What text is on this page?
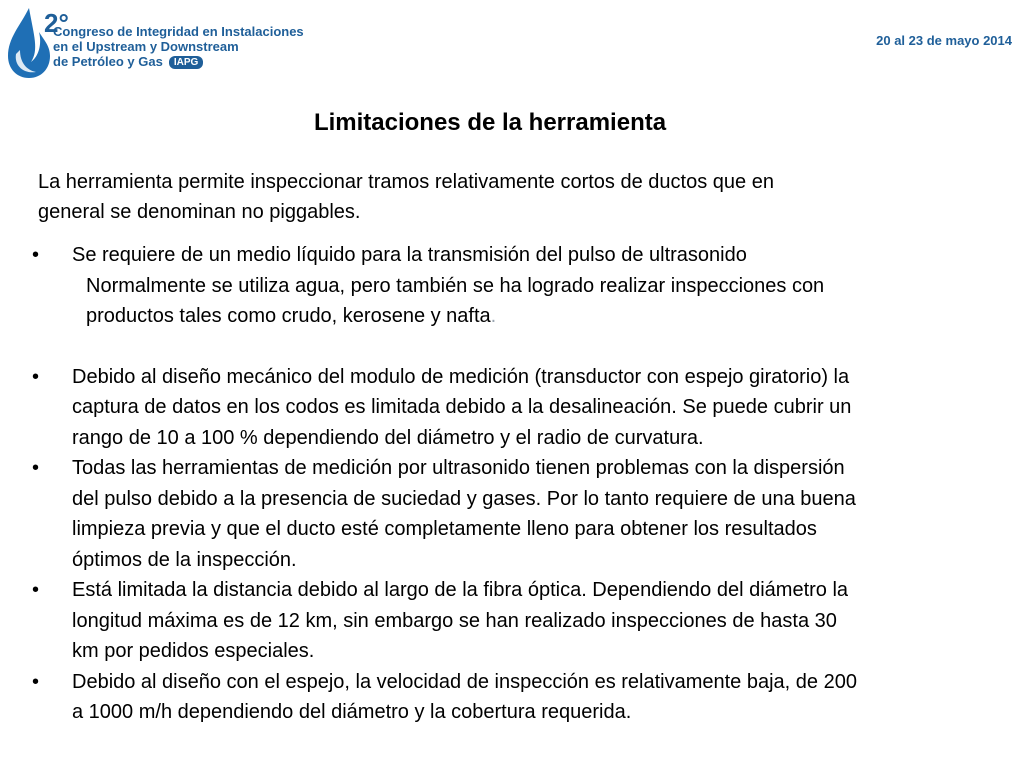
2°
Congreso de Integridad en Instalaciones
en el Upstream y Downstream
de Petróleo y Gas IAPG
20 al 23 de mayo 2014
Limitaciones de la herramienta
La herramienta permite inspeccionar tramos relativamente cortos de ductos que en
general se denominan no piggables.
• Se requiere de un medio líquido para la transmisión del pulso de ultrasonido
Normalmente se utiliza agua, pero también se ha logrado realizar inspecciones con
productos tales como crudo, kerosene y nafta.
• Debido al diseño mecánico del modulo de medición (transductor con espejo giratorio) la
captura de datos en los codos es limitada debido a la desalineación. Se puede cubrir un
rango de 10 a 100 % dependiendo del diámetro y el radio de curvatura.
• Todas las herramientas de medición por ultrasonido tienen problemas con la dispersión
del pulso debido a la presencia de suciedad y gases. Por lo tanto requiere de una buena
limpieza previa y que el ducto esté completamente lleno para obtener los resultados
óptimos de la inspección.
• Está limitada la distancia debido al largo de la fibra óptica. Dependiendo del diámetro la
longitud máxima es de 12 km, sin embargo se han realizado inspecciones de hasta 30
km por pedidos especiales.
• Debido al diseño con el espejo, la velocidad de inspección es relativamente baja, de 200
a 1000 m/h dependiendo del diámetro y la cobertura requerida.
